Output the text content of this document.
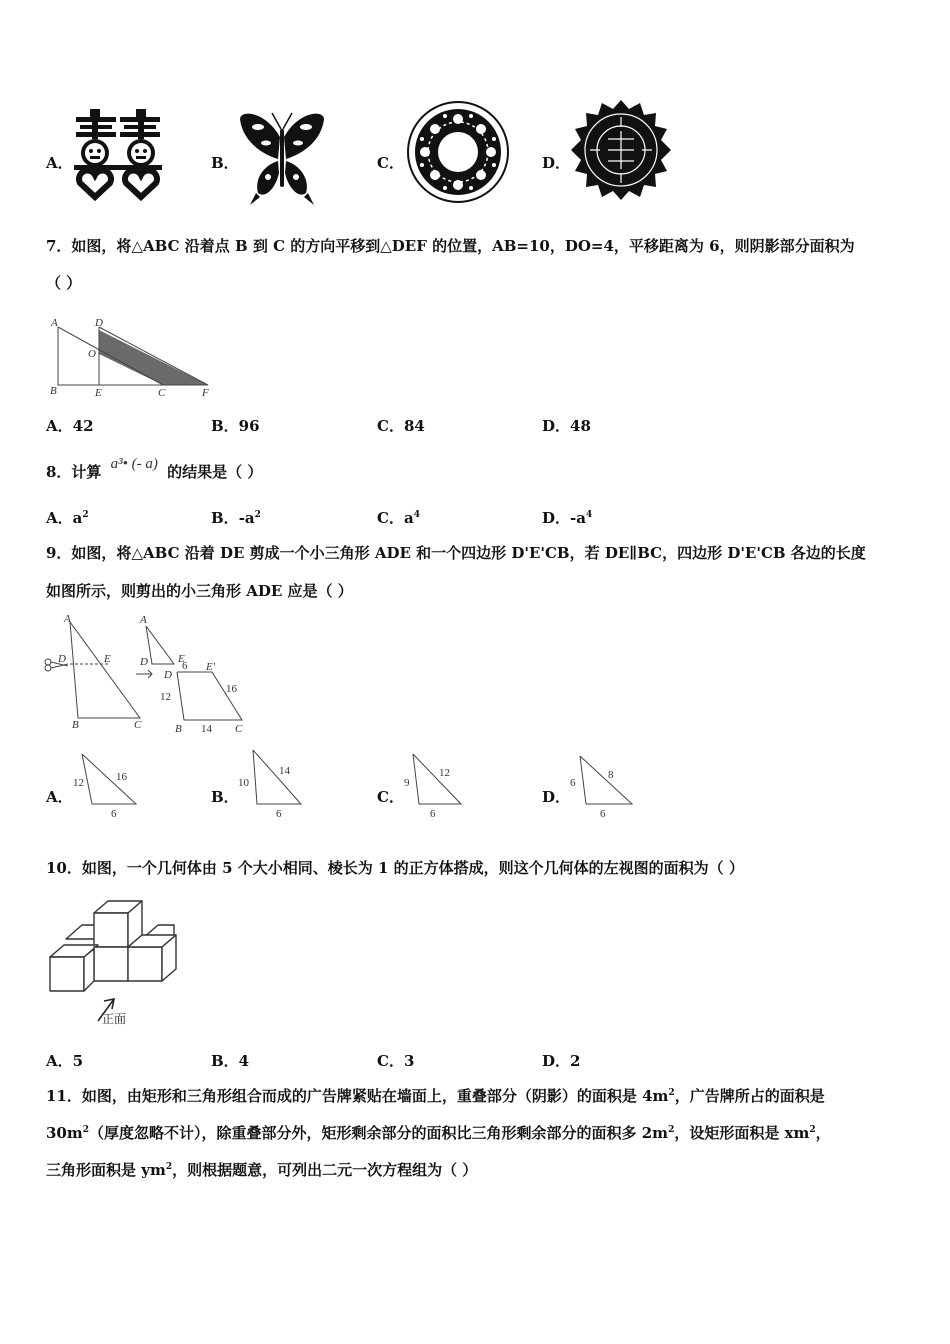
A．	B．	C．	D．
7．如图，将△ABC 沿着点 B 到 C 的方向平移到△DEF 的位置，AB=10，DO=4，平移距离为 6，则阴影部分面积为
（ ）
A	D
O
B	E	C	F
A．42	B．96	C．84	D．48
8．计算 a³• (- a) 的结果是（ ）
A．$a^2$	B．$-a^2$	C．$a^4$	D．$-a^4$
9．如图，将△ABC 沿着 DE 剪成一个小三角形 ADE 和一个四边形 D'E'CB，若 DE∥BC，四边形 D'E'CB 各边的长度
如图所示，则剪出的小三角形 ADE 应是（ ）
A
D	E
B	C
A
D	E
6
D
E'
12
16
B 14 C
A．
12	16
6
B．
10
14
6
C．
9
12
6
D．
6
8
6
10．如图，一个几何体由 5 个大小相同、棱长为 1 的正方体搭成，则这个几何体的左视图的面积为（ ）
正面
A．5	B．4	C．3	D．2
11．如图，由矩形和三角形组合而成的广告牌紧贴在墙面上，重叠部分（阴影）的面积是 $4m^2$，广告牌所占的面积是
$30m^2$（厚度忽略不计），除重叠部分外，矩形剩余部分的面积比三角形剩余部分的面积多 $2m^2$，设矩形面积是 $xm^2$，
三角形面积是 $ym^2$，则根据题意，可列出二元一次方程组为（ ）
